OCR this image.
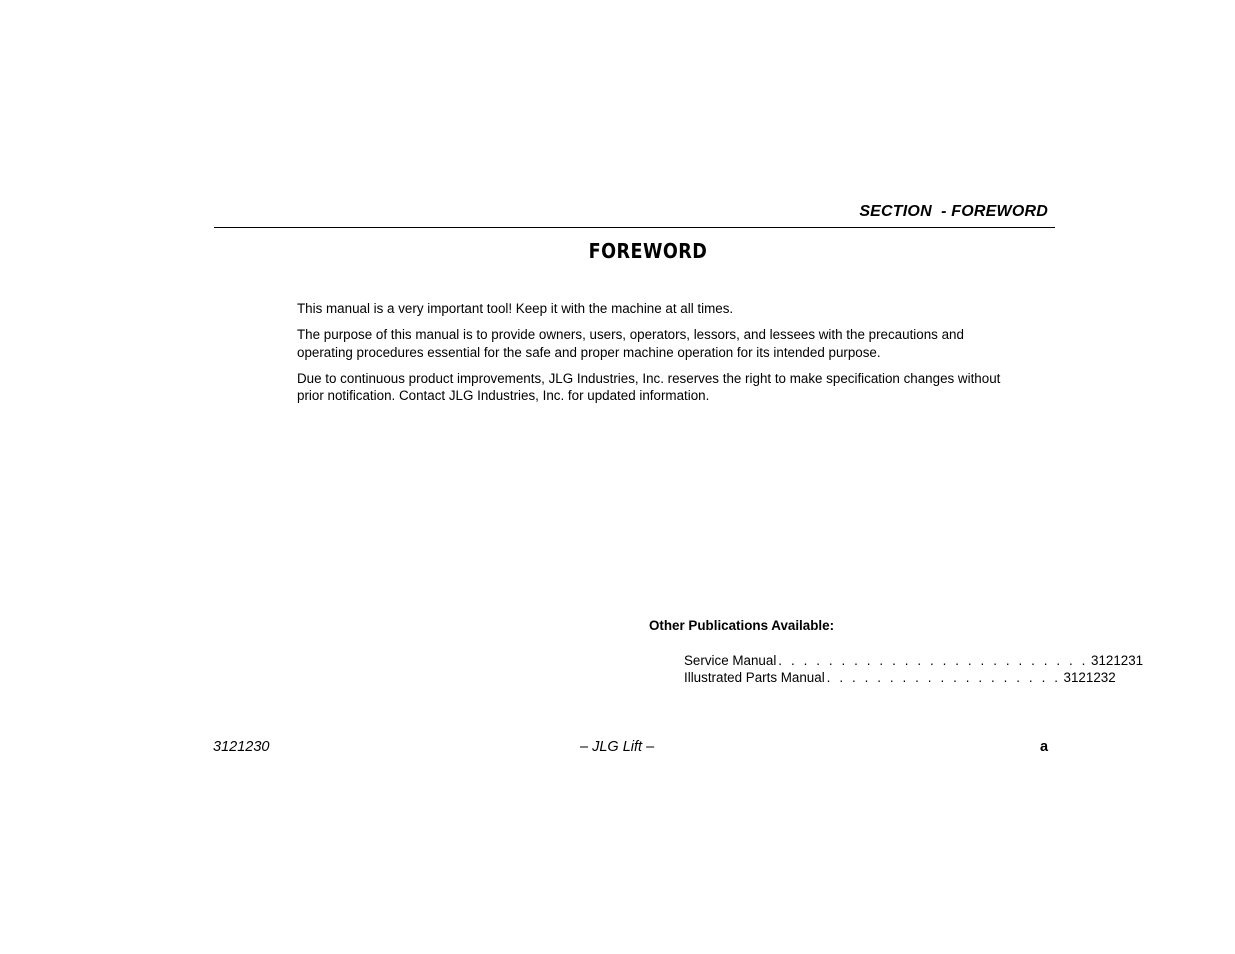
SECTION  - FOREWORD
FOREWORD

This manual is a very important tool! Keep it with the machine at all times.

The purpose of this manual is to provide owners, users, operators, lessors, and lessees with the precautions and operating procedures essential for the safe and proper machine operation for its intended purpose.

Due to continuous product improvements, JLG Industries, Inc. reserves the right to make specification changes without prior notification. Contact JLG Industries, Inc. for updated information.

Other Publications Available:
Service Manual . . . . . . . . . . . . . . . . . . . . . . . . . 3121231
Illustrated Parts Manual . . . . . . . . . . . . . . . . . . . 3121232
3121230	– JLG Lift –	a
